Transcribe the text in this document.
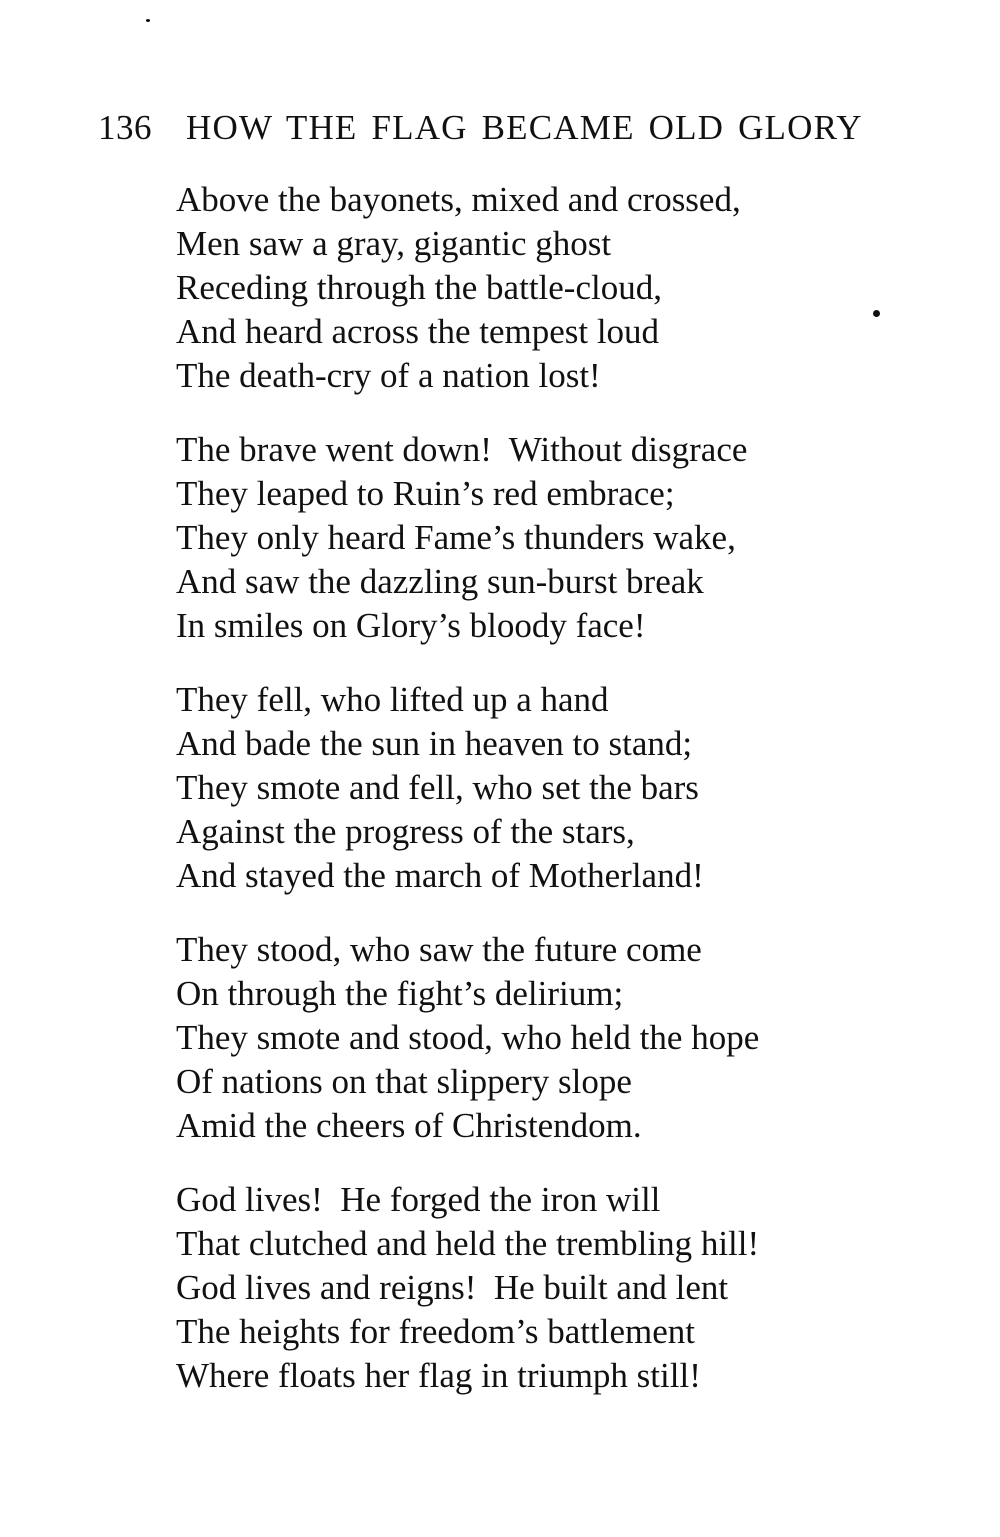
136 HOW THE FLAG BECAME OLD GLORY
Above the bayonets, mixed and crossed,
Men saw a gray, gigantic ghost
Receding through the battle-cloud,
And heard across the tempest loud
The death-cry of a nation lost!
The brave went down!  Without disgrace
They leaped to Ruin’s red embrace;
They only heard Fame’s thunders wake,
And saw the dazzling sun-burst break
In smiles on Glory’s bloody face!
They fell, who lifted up a hand
And bade the sun in heaven to stand;
They smote and fell, who set the bars
Against the progress of the stars,
And stayed the march of Motherland!
They stood, who saw the future come
On through the fight’s delirium;
They smote and stood, who held the hope
Of nations on that slippery slope
Amid the cheers of Christendom.
God lives!  He forged the iron will
That clutched and held the trembling hill!
God lives and reigns!  He built and lent
The heights for freedom’s battlement
Where floats her flag in triumph still!
